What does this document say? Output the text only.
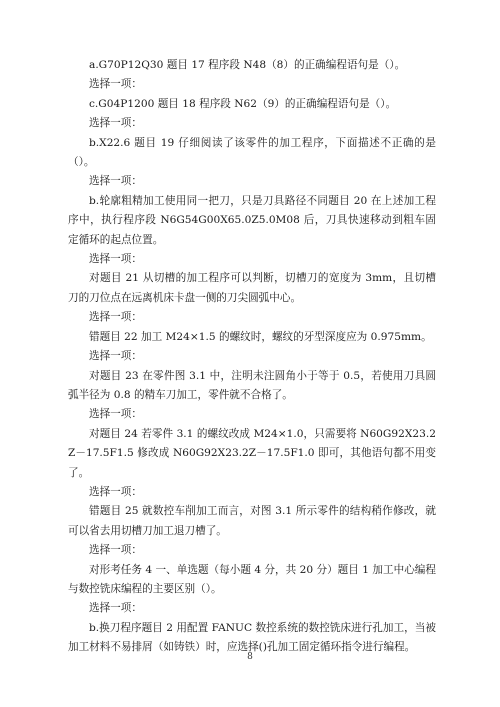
a.G70P12Q30 题目 17 程序段 N48（8）的正确编程语句是（）。

选择一项：

c.G04P1200 题目 18 程序段 N62（9）的正确编程语句是（）。

选择一项：

b.X22.6 题目 19 仔细阅读了该零件的加工程序，下面描述不正确的是（）。

选择一项：

b.轮廓粗精加工使用同一把刀，只是刀具路径不同题目 20 在上述加工程序中，执行程序段 N6G54G00X65.0Z5.0M08 后，刀具快速移动到粗车固定循环的起点位置。

选择一项：

对题目 21 从切槽的加工程序可以判断，切槽刀的宽度为 3mm，且切槽刀的刀位点在远离机床卡盘一侧的刀尖圆弧中心。

选择一项：

错题目 22 加工 M24×1.5 的螺纹时，螺纹的牙型深度应为 0.975mm。

选择一项：

对题目 23 在零件图 3.1 中，注明未注圆角小于等于 0.5，若使用刀具圆弧半径为 0.8 的精车刀加工，零件就不合格了。

选择一项：

对题目 24 若零件 3.1 的螺纹改成 M24×1.0，只需要将 N60G92X23.2Z－17.5F1.5 修改成 N60G92X23.2Z－17.5F1.0 即可，其他语句都不用变了。

选择一项：

错题目 25 就数控车削加工而言，对图 3.1 所示零件的结构稍作修改，就可以省去用切槽刀加工退刀槽了。

选择一项：

对形考任务 4 一、单选题（每小题 4 分，共 20 分）题目 1 加工中心编程与数控铣床编程的主要区别（）。

选择一项：

b.换刀程序题目 2 用配置 FANUC 数控系统的数控铣床进行孔加工，当被加工材料不易排屑（如铸铁）时，应选择()孔加工固定循环指令进行编程。

8
